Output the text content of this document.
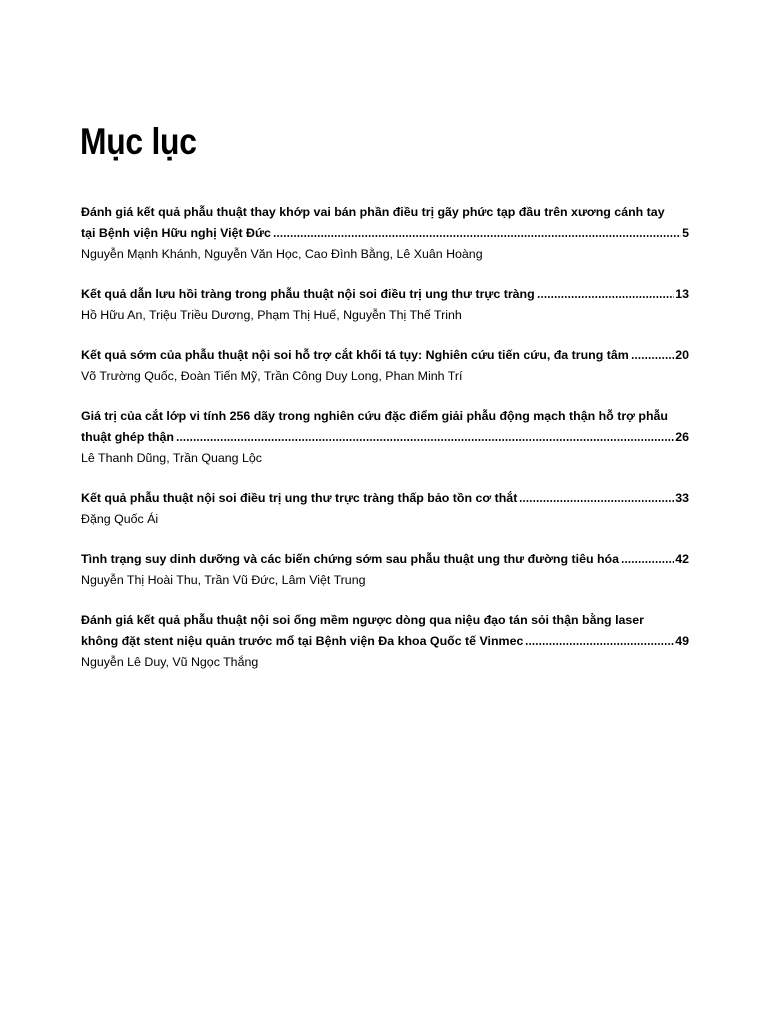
Mục lục
Đánh giá kết quả phẫu thuật thay khớp vai bán phần điều trị gãy phức tạp đầu trên xương cánh tay
tại Bệnh viện Hữu nghị Việt Đức	5
Nguyễn Mạnh Khánh, Nguyễn Văn Học, Cao Đình Bằng, Lê Xuân Hoàng
Kết quả dẫn lưu hồi tràng trong phẫu thuật nội soi điều trị ung thư trực tràng	13
Hồ Hữu An, Triệu Triều Dương, Phạm Thị Huế, Nguyễn Thị Thế Trinh
Kết quả sớm của phẫu thuật nội soi hỗ trợ cắt khối tá tụy: Nghiên cứu tiến cứu, đa trung tâm	20
Võ Trường Quốc, Đoàn Tiến Mỹ, Trần Công Duy Long, Phan Minh Trí
Giá trị của cắt lớp vi tính 256 dãy trong nghiên cứu đặc điểm giải phẫu động mạch thận hỗ trợ phẫu
thuật ghép thận	26
Lê Thanh Dũng, Trần Quang Lộc
Kết quả phẫu thuật nội soi điều trị ung thư trực tràng thấp bảo tồn cơ thắt	33
Đặng Quốc Ái
Tình trạng suy dinh dưỡng và các biến chứng sớm sau phẫu thuật ung thư đường tiêu hóa	42
Nguyễn Thị Hoài Thu, Trần Vũ Đức, Lâm Việt Trung
Đánh giá kết quả phẫu thuật nội soi ống mềm ngược dòng qua niệu đạo tán sỏi thận bằng laser
không đặt stent niệu quản trước mổ tại Bệnh viện Đa khoa Quốc tế Vinmec	49
Nguyễn Lê Duy, Vũ Ngọc Thắng
